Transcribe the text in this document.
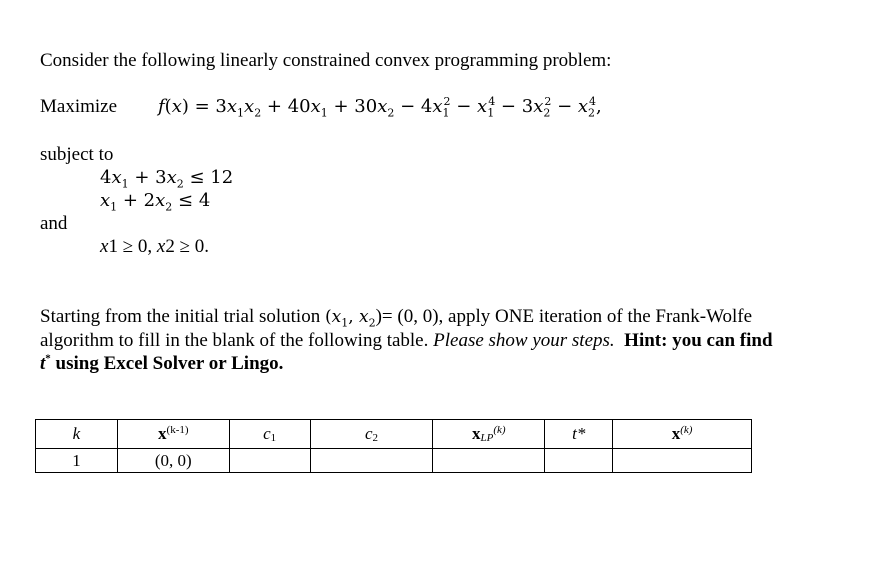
Consider the following linearly constrained convex programming problem:
Maximize $f(x) = 3x_1x_2 + 40x_1 + 30x_2 - 4x_1^2 - x_1^4 - 3x_2^2 - x_2^4$,
subject to
$4x_1 + 3x_2 \le 12$
$x_1 + 2x_2 \le 4$
and
x1 ≥ 0, x2 ≥ 0.
Starting from the initial trial solution ($x_1$, $x_2)= (0$, 0), apply ONE iteration of the Frank-Wolfe algorithm to fill in the blank of the following table. Please show your steps. Hint: you can find
t* using Excel Solver or Lingo.
k	$x^{(k-1)}$	c1	c2	xLP$^{(k)}$	t*	$x^{(k)}$
1	(0, 0)					
